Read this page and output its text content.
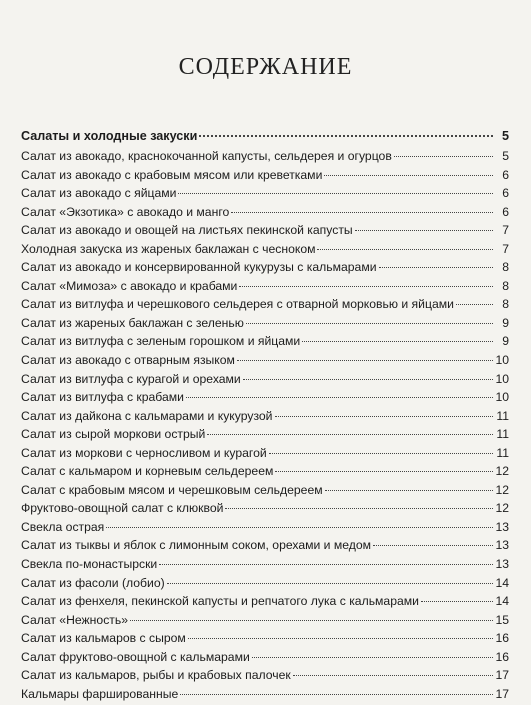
СОДЕРЖАНИЕ
Салаты и холодные закуски	5
Салат из авокадо, краснокочанной капусты, сельдерея и огурцов	5
Салат из авокадо с крабовым мясом или креветками	6
Салат из авокадо с яйцами	6
Салат «Экзотика» с авокадо и манго	6
Салат из авокадо и овощей на листьях пекинской капусты	7
Холодная закуска из жареных баклажан с чесноком	7
Салат из авокадо и консервированной кукурузы с кальмарами	8
Салат «Мимоза» с авокадо и крабами	8
Салат из витлуфа и черешкового сельдерея с отварной морковью и яйцами	8
Салат из жареных баклажан с зеленью	9
Салат из витлуфа с зеленым горошком и яйцами	9
Салат из авокадо с отварным языком	10
Салат из витлуфа с курагой и орехами	10
Салат из витлуфа с крабами	10
Салат из дайкона с кальмарами и кукурузой	11
Салат из сырой моркови острый	11
Салат из моркови с черносливом и курагой	11
Салат с кальмаром и корневым сельдереем	12
Салат с крабовым мясом и черешковым сельдереем	12
Фруктово-овощной салат с клюквой	12
Свекла острая	13
Салат из тыквы и яблок с лимонным соком, орехами и медом	13
Свекла по-монастырски	13
Салат из фасоли (лобио)	14
Салат из фенхеля, пекинской капусты и репчатого лука с кальмарами	14
Салат «Нежность»	15
Салат из кальмаров с сыром	16
Салат фруктово-овощной с кальмарами	16
Салат из кальмаров, рыбы и крабовых палочек	17
Кальмары фаршированные	17
